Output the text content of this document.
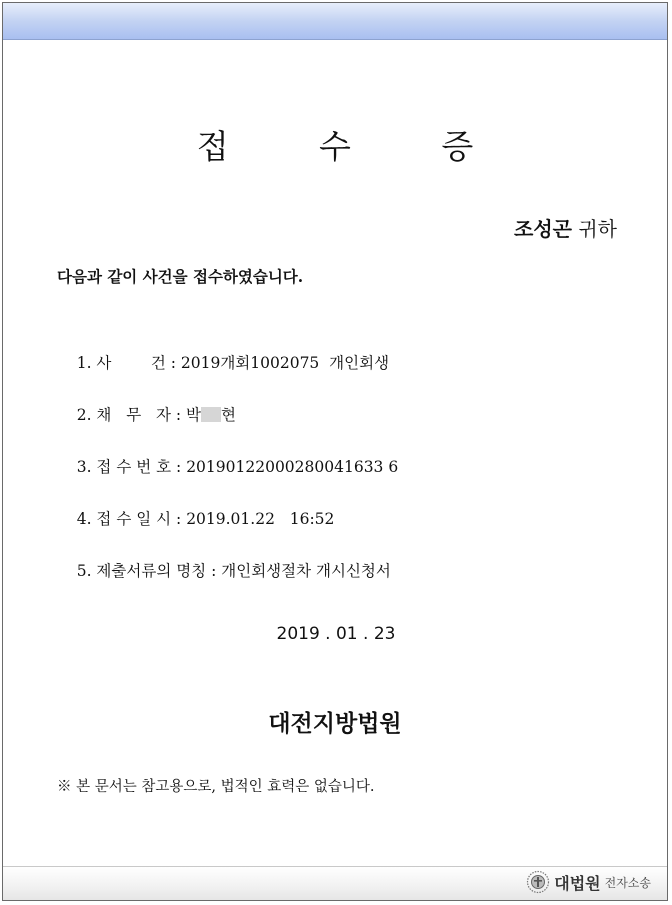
접 수 증
조성곤 귀하
다음과 같이 사건을 접수하였습니다.

1. 사        건 : 2019개회1002075  개인회생

2. 채   무   자 : 박 현

3. 접 수 번 호 : 20190122000280041633 6

4. 접 수 일 시 : 2019.01.22   16:52

5. 제출서류의 명칭 : 개인회생절차 개시신청서

2019 . 01 . 23
대전지방법원
※ 본 문서는 참고용으로, 법적인 효력은 없습니다.
대법원 전자소송
